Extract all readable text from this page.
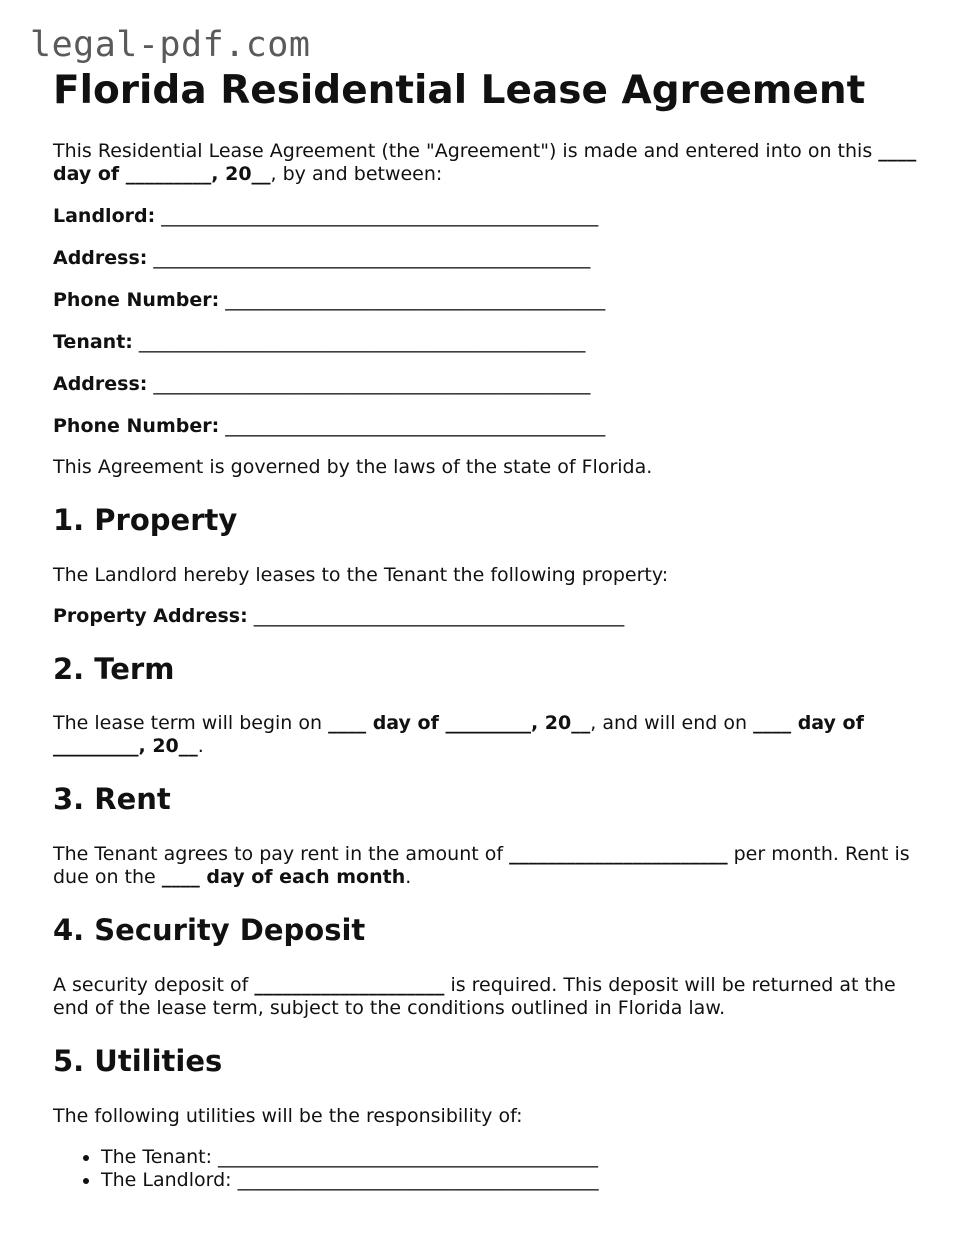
legal-pdf.com
Florida Residential Lease Agreement

This Residential Lease Agreement (the "Agreement") is made and entered into on this ____ day of _________, 20__, by and between:

Landlord: ______________________________________________

Address: ______________________________________________

Phone Number: ________________________________________

Tenant: _______________________________________________

Address: ______________________________________________

Phone Number: ________________________________________

This Agreement is governed by the laws of the state of Florida.

1. Property

The Landlord hereby leases to the Tenant the following property:

Property Address: _______________________________________

2. Term

The lease term will begin on ____ day of _________, 20__, and will end on ____ day of _________, 20__.

3. Rent

The Tenant agrees to pay rent in the amount of _______________________ per month. Rent is due on the ____ day of each month.

4. Security Deposit

A security deposit of ____________________ is required. This deposit will be returned at the end of the lease term, subject to the conditions outlined in Florida law.

5. Utilities

The following utilities will be the responsibility of:

• The Tenant: ________________________________________
• The Landlord: ______________________________________
